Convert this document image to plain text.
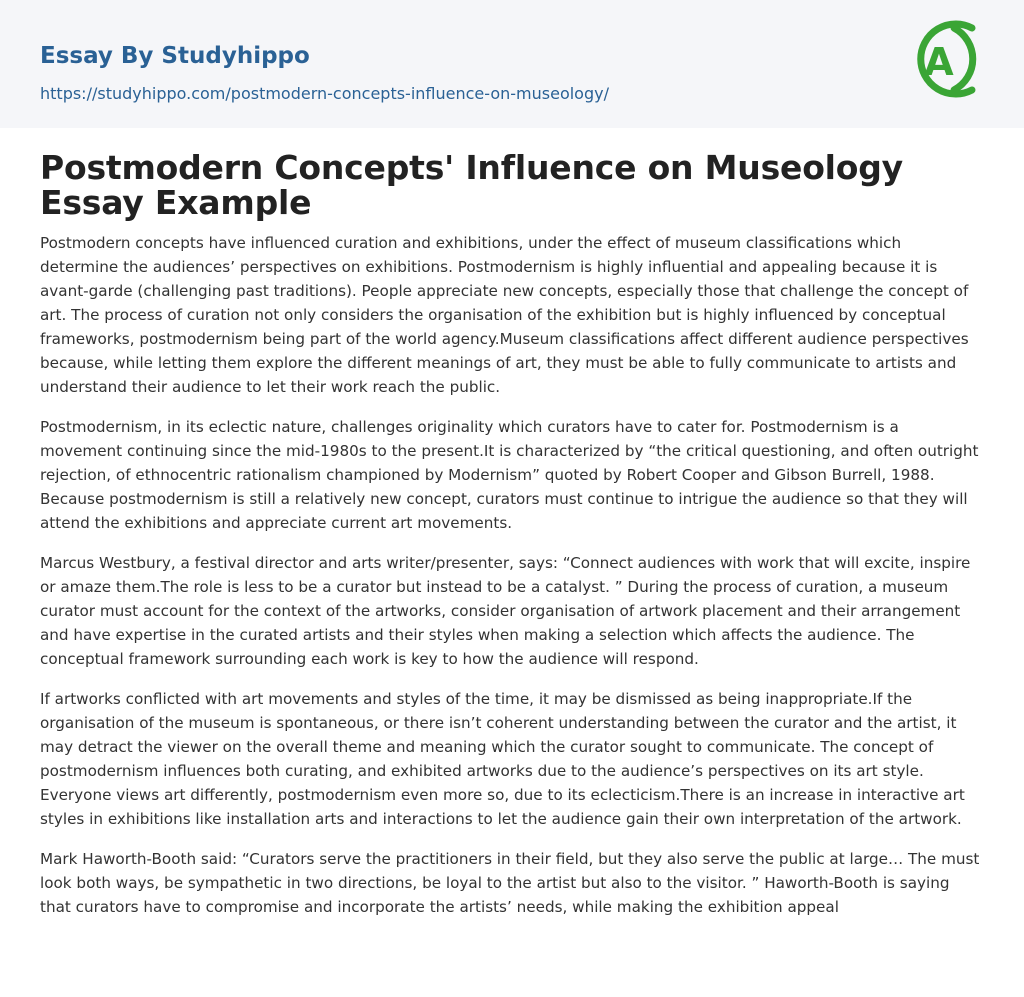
Essay By Studyhippo
https://studyhippo.com/postmodern-concepts-influence-on-museology/
A
Postmodern Concepts' Influence on Museology
Essay Example

Postmodern concepts have influenced curation and exhibitions, under the effect of museum classifications which determine the audiences’ perspectives on exhibitions. Postmodernism is highly influential and appealing because it is avant-garde (challenging past traditions). People appreciate new concepts, especially those that challenge the concept of art. The process of curation not only considers the organisation of the exhibition but is highly influenced by conceptual frameworks, postmodernism being part of the world agency.Museum classifications affect different audience perspectives because, while letting them explore the different meanings of art, they must be able to fully communicate to artists and understand their audience to let their work reach the public.

Postmodernism, in its eclectic nature, challenges originality which curators have to cater for. Postmodernism is a movement continuing since the mid-1980s to the present.It is characterized by “the critical questioning, and often outright rejection, of ethnocentric rationalism championed by Modernism” quoted by Robert Cooper and Gibson Burrell, 1988. Because postmodernism is still a relatively new concept, curators must continue to intrigue the audience so that they will attend the exhibitions and appreciate current art movements.

Marcus Westbury, a festival director and arts writer/presenter, says: “Connect audiences with work that will excite, inspire or amaze them.The role is less to be a curator but instead to be a catalyst. ” During the process of curation, a museum curator must account for the context of the artworks, consider organisation of artwork placement and their arrangement and have expertise in the curated artists and their styles when making a selection which affects the audience. The conceptual framework surrounding each work is key to how the audience will respond.

If artworks conflicted with art movements and styles of the time, it may be dismissed as being inappropriate.If the organisation of the museum is spontaneous, or there isn’t coherent understanding between the curator and the artist, it may detract the viewer on the overall theme and meaning which the curator sought to communicate. The concept of postmodernism influences both curating, and exhibited artworks due to the audience’s perspectives on its art style. Everyone views art differently, postmodernism even more so, due to its eclecticism.There is an increase in interactive art styles in exhibitions like installation arts and interactions to let the audience gain their own interpretation of the artwork.

Mark Haworth-Booth said: “Curators serve the practitioners in their field, but they also serve the public at large… The must look both ways, be sympathetic in two directions, be loyal to the artist but also to the visitor. ” Haworth-Booth is saying that curators have to compromise and incorporate the artists’ needs, while making the exhibition appeal
